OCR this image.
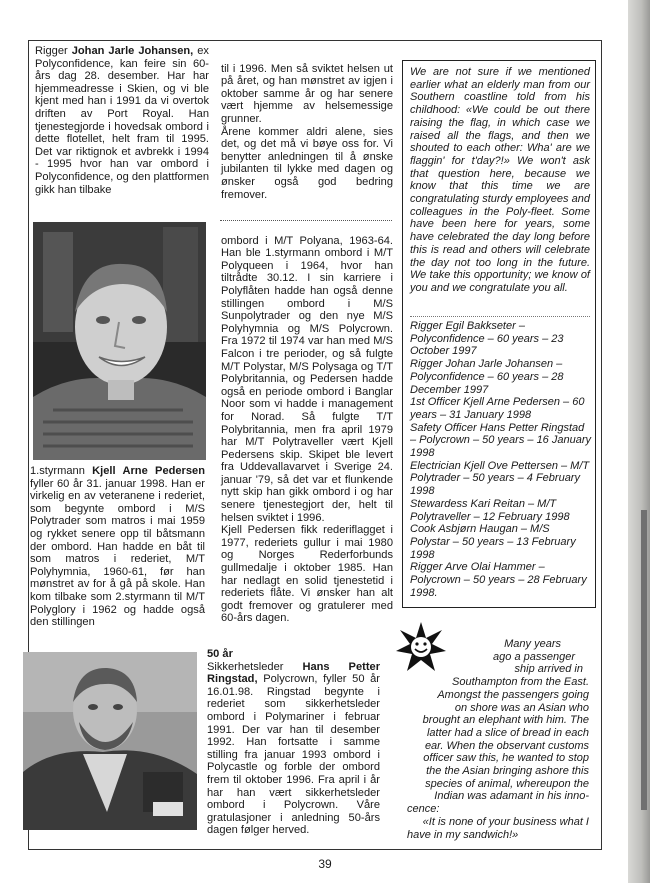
Rigger Johan Jarle Johansen, ex Polyconfidence, kan feire sin 60-års dag 28. desember. Har har hjemmeadresse i Skien, og vi ble kjent med han i 1991 da vi overtok driften av Port Royal. Han tjenestegjorde i hovedsak ombord i dette flotellet, helt fram til 1995. Det var riktignok et avbrekk i 1994 - 1995 hvor han var ombord i Polyconfidence, og den plattformen gikk han tilbake

til i 1996. Men så sviktet helsen ut på året, og han mønstret av igjen i oktober samme år og har senere vært hjemme av helsemessige grunner.
Årene kommer aldri alene, sies det, og det må vi bøye oss for. Vi benytter anledningen til å ønske jubilanten til lykke med dagen og ønsker også god bedring fremover.

1.styrmann Kjell Arne Pedersen fyller 60 år 31. januar 1998. Han er virkelig en av veteranene i rederiet, som begynte ombord i M/S Polytrader som matros i mai 1959 og rykket senere opp til båtsmann der ombord. Han hadde en båt til som matros i rederiet, M/T Polyhymnia, 1960-61, før han mønstret av for å gå på skole. Han kom tilbake som 2.styrmann til M/T Polyglory i 1962 og hadde også den stillingen

ombord i M/T Polyana, 1963-64. Han ble 1.styrmann ombord i M/T Polyqueen i 1964, hvor han tiltrådte 30.12. I sin karriere i Polyflåten hadde han også denne stillingen ombord i M/S Sunpolytrader og den nye M/S Polyhymnia og M/S Polycrown. Fra 1972 til 1974 var han med M/S Falcon i tre perioder, og så fulgte M/T Polystar, M/S Polysaga og T/T Polybritannia, og Pedersen hadde også en periode ombord i Banglar Noor som vi hadde i management for Norad. Så fulgte T/T Polybritannia, men fra april 1979 har M/T Polytraveller vært Kjell Pedersens skip. Skipet ble levert fra Uddevallavarvet i Sverige 24. januar '79, så det var et flunkende nytt skip han gikk ombord i og har senere tjenestegjort der, helt til helsen sviktet i 1996.
Kjell Pedersen fikk rederiflagget i 1977, rederiets gullur i mai 1980 og Norges Rederforbunds gullmedalje i oktober 1985. Han har nedlagt en solid tjenestetid i rederiets flåte. Vi ønsker han alt godt fremover og gratulerer med 60-års dagen.

50 år
Sikkerhetsleder Hans Petter Ringstad, Polycrown, fyller 50 år 16.01.98. Ringstad begynte i rederiet som sikkerhetsleder ombord i Polymariner i februar 1991. Der var han til desember 1992. Han fortsatte i samme stilling fra januar 1993 ombord i Polycastle og forble der ombord frem til oktober 1996. Fra april i år har han vært sikkerhetsleder ombord i Polycrown. Våre gratulasjoner i anledning 50-års dagen følger herved.

We are not sure if we mentioned earlier what an elderly man from our Southern coastline told from his childhood: «We could be out there raising the flag, in which case we raised all the flags, and then we shouted to each other: Wha' are we flaggin' for t'day?!» We won't ask that question here, because we know that this time we are congratulating sturdy employees and colleagues in the Poly-fleet. Some have been here for years, some have celebrated the day long before this is read and others will celebrate the day not too long in the future. We take this opportunity; we know of you and we congratulate you all.

Rigger Egil Bakkseter – Polyconfidence – 60 years – 23 October 1997

Rigger Johan Jarle Johansen – Polyconfidence – 60 years – 28 December 1997

1st Officer Kjell Arne Pedersen – 60 years – 31 January 1998

Safety Officer Hans Petter Ringstad – Polycrown – 50 years – 16 January 1998

Electrician Kjell Ove Pettersen – M/T Polytrader – 50 years – 4 February 1998

Stewardess Kari Reitan – M/T Polytraveller – 12 February 1998

Cook Asbjørn Haugan – M/S Polystar – 50 years – 13 February 1998

Rigger Arve Olai Hammer – Polycrown – 50 years – 28 February 1998.

Many years
ago a passenger
ship arrived in
Southampton from the East.
Amongst the passengers going
on shore was an Asian who
brought an elephant with him. The
latter had a slice of bread in each
ear. When the observant customs
officer saw this, he wanted to stop
the the Asian bringing ashore this
species of animal, whereupon the
Indian was adamant in his inno-
cence:
«It is none of your business what I
have in my sandwich!»
39
